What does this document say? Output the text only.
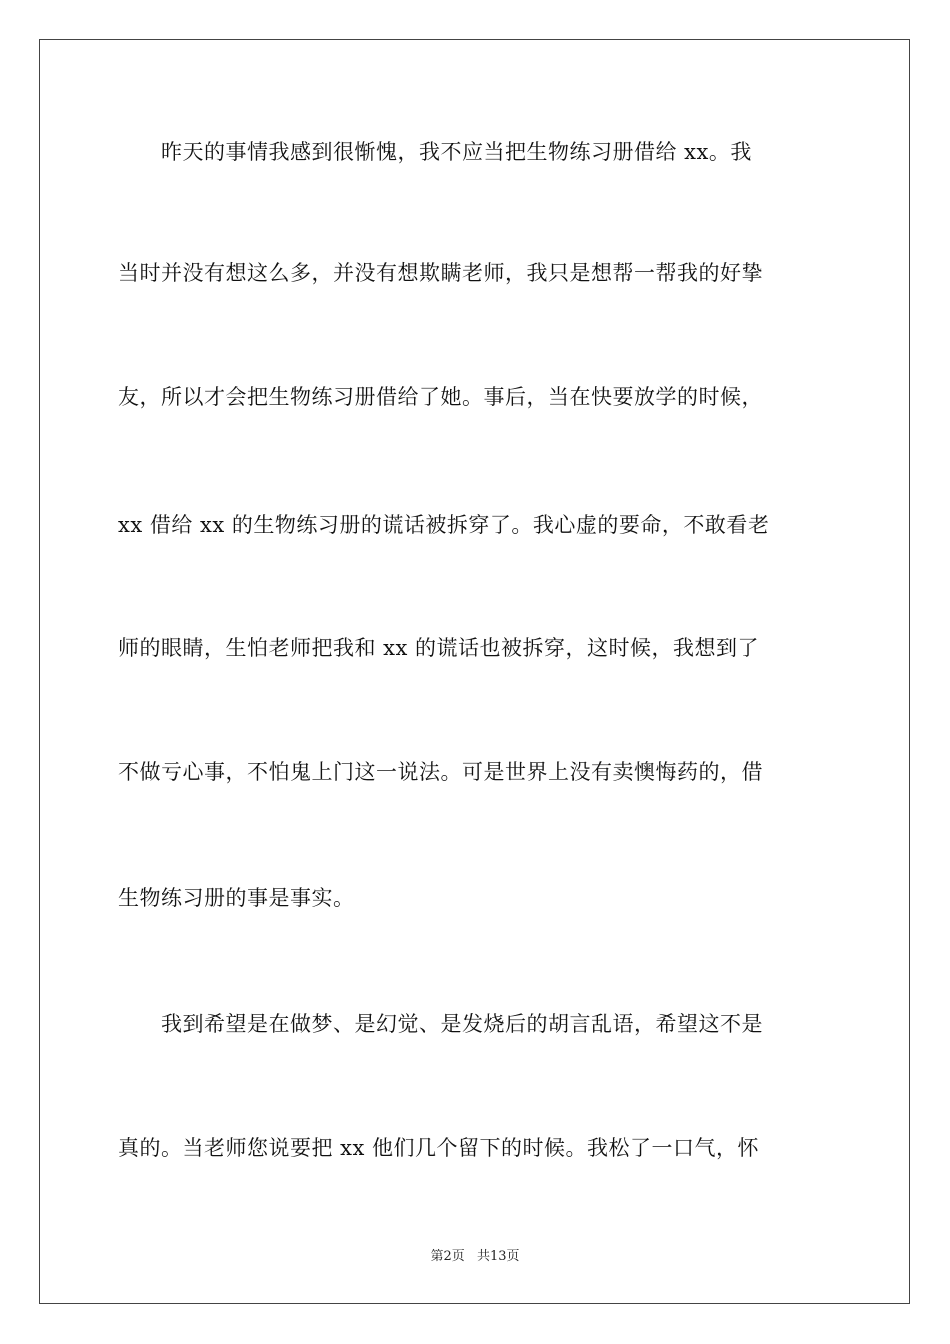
　　昨天的事情我感到很惭愧，我不应当把生物练习册借给 xx。我
当时并没有想这么多，并没有想欺瞒老师，我只是想帮一帮我的好挚
友，所以才会把生物练习册借给了她。事后，当在快要放学的时候，
xx 借给 xx 的生物练习册的谎话被拆穿了。我心虚的要命，不敢看老
师的眼睛，生怕老师把我和 xx 的谎话也被拆穿，这时候，我想到了
不做亏心事，不怕鬼上门这一说法。可是世界上没有卖懊悔药的，借
生物练习册的事是事实。
　　我到希望是在做梦、是幻觉、是发烧后的胡言乱语，希望这不是
真的。当老师您说要把 xx 他们几个留下的时候。我松了一口气，怀
第2页 共13页
